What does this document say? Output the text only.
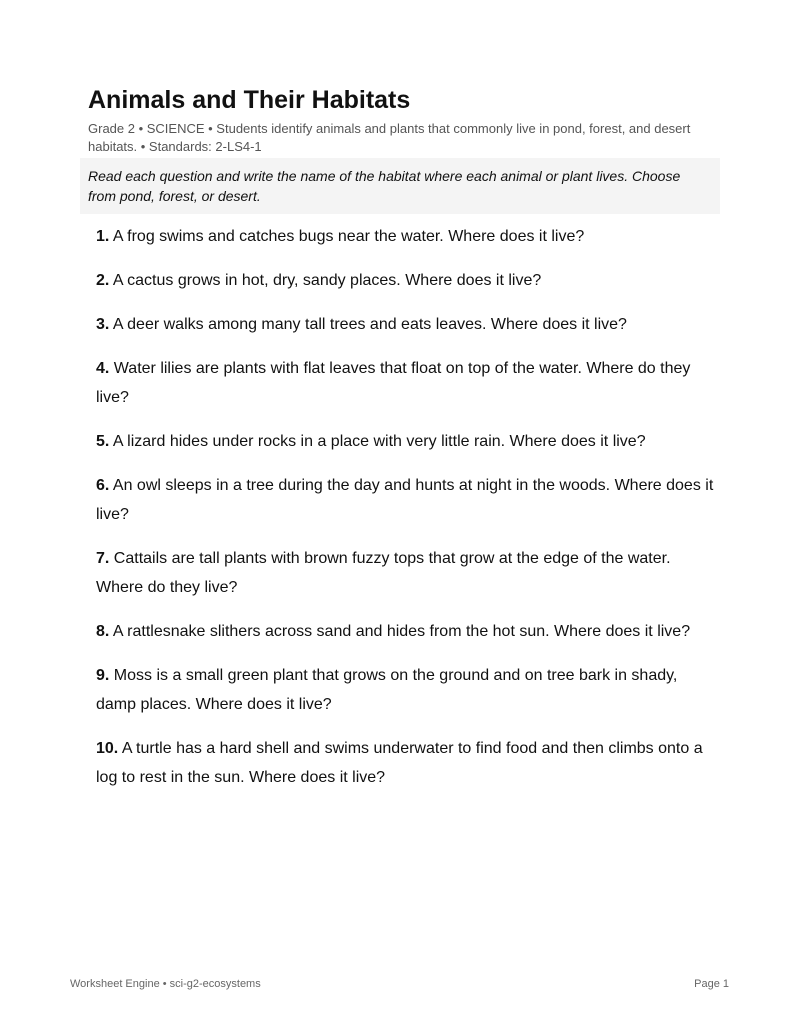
Animals and Their Habitats
Grade 2 • SCIENCE • Students identify animals and plants that commonly live in pond, forest, and desert habitats. • Standards: 2-LS4-1
Read each question and write the name of the habitat where each animal or plant lives. Choose from pond, forest, or desert.
1. A frog swims and catches bugs near the water. Where does it live?
2. A cactus grows in hot, dry, sandy places. Where does it live?
3. A deer walks among many tall trees and eats leaves. Where does it live?
4. Water lilies are plants with flat leaves that float on top of the water. Where do they live?
5. A lizard hides under rocks in a place with very little rain. Where does it live?
6. An owl sleeps in a tree during the day and hunts at night in the woods. Where does it live?
7. Cattails are tall plants with brown fuzzy tops that grow at the edge of the water. Where do they live?
8. A rattlesnake slithers across sand and hides from the hot sun. Where does it live?
9. Moss is a small green plant that grows on the ground and on tree bark in shady, damp places. Where does it live?
10. A turtle has a hard shell and swims underwater to find food and then climbs onto a log to rest in the sun. Where does it live?
Worksheet Engine • sci-g2-ecosystems	Page 1
